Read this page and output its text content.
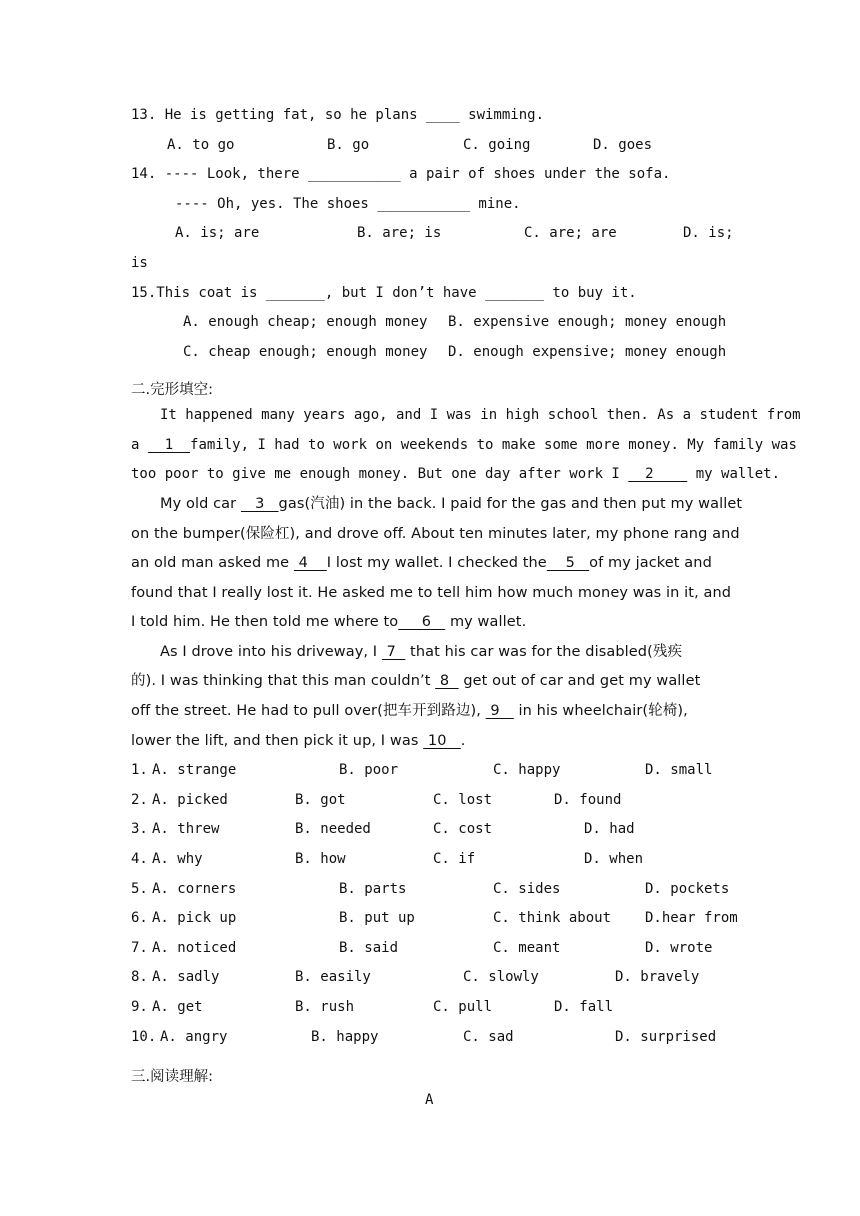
13. He is getting fat, so he plans ____ swimming.
A. to go	B. go	C. going	D. goes
14. ---- Look, there ___________ a pair of shoes under the sofa.
---- Oh, yes. The shoes ___________ mine.
A. is; are	B. are; is	C. are; are	D. is;
is
15.This coat is _______, but I don’t have _______ to buy it.
A. enough cheap; enough money B. expensive enough; money enough
C. cheap enough; enough money D. enough expensive; money enough
二.完形填空:
It happened many years ago, and I was in high school then. As a student from
a   1  family, I had to work on weekends to make some more money. My family was
too poor to give me enough money. But one day after work I   2     my wallet.
My old car    3   gas(汽油) in the back. I paid for the gas and then put my wallet
on the bumper(保险杠), and drove off. About ten minutes later, my phone rang and
an old man asked me  4    I lost my wallet. I checked the    5   of my jacket and
found that I really lost it. He asked me to tell him how much money was in it, and
I told him. He then told me where to     6    my wallet.
As I drove into his driveway, I  7   that his car was for the disabled(残疾
的). I was thinking that this man couldn’t  8   get out of car and get my wallet
off the street. He had to pull over(把车开到路边),  9    in his wheelchair(轮椅),
lower the lift, and then pick it up, I was  10   .
1. A. strange	B. poor	C. happy	D. small
2. A. picked	B. got	C. lost	D. found
3. A. threw	B. needed	C. cost	D. had
4. A. why	B. how	C. if	D. when
5. A. corners	B. parts	C. sides	D. pockets
6. A. pick up	B. put up	C. think about D.hear from
7. A. noticed	B. said	C. meant	D. wrote
8. A. sadly	B. easily	C. slowly	D. bravely
9. A. get	B. rush	C. pull	D. fall
10. A. angry	B. happy	C. sad	D. surprised
三.阅读理解:
A
